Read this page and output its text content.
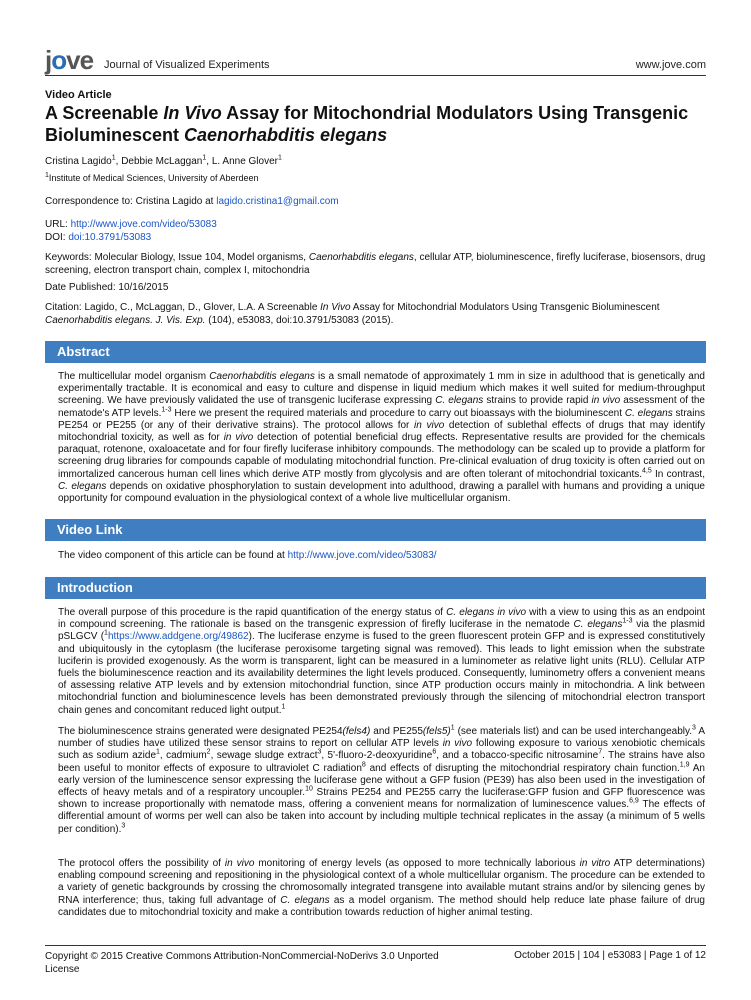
jove Journal of Visualized Experiments	www.jove.com
Video Article
A Screenable In Vivo Assay for Mitochondrial Modulators Using Transgenic Bioluminescent Caenorhabditis elegans
Cristina Lagido$^1$, Debbie McLaggan$^1$, L. Anne Glover$^1$
$^1$Institute of Medical Sciences, University of Aberdeen
Correspondence to: Cristina Lagido at lagido.cristina1@gmail.com
URL: http://www.jove.com/video/53083
DOI: doi:10.3791/53083
Keywords: Molecular Biology, Issue 104, Model organisms, Caenorhabditis elegans, cellular ATP, bioluminescence, firefly luciferase, biosensors, drug screening, electron transport chain, complex I, mitochondria
Date Published: 10/16/2015
Citation: Lagido, C., McLaggan, D., Glover, L.A. A Screenable In Vivo Assay for Mitochondrial Modulators Using Transgenic Bioluminescent Caenorhabditis elegans. J. Vis. Exp. (104), e53083, doi:10.3791/53083 (2015).
Abstract

The multicellular model organism Caenorhabditis elegans is a small nematode of approximately 1 mm in size in adulthood that is genetically and experimentally tractable. It is economical and easy to culture and dispense in liquid medium which makes it well suited for medium-throughput screening. We have previously validated the use of transgenic luciferase expressing C. elegans strains to provide rapid in vivo assessment of the nematode's ATP levels.$^{1-3}$ Here we present the required materials and procedure to carry out bioassays with the bioluminescent C. elegans strains PE254 or PE255 (or any of their derivative strains). The protocol allows for in vivo detection of sublethal effects of drugs that may identify mitochondrial toxicity, as well as for in vivo detection of potential beneficial drug effects. Representative results are provided for the chemicals paraquat, rotenone, oxaloacetate and for four firefly luciferase inhibitory compounds. The methodology can be scaled up to provide a platform for screening drug libraries for compounds capable of modulating mitochondrial function. Pre-clinical evaluation of drug toxicity is often carried out on immortalized cancerous human cell lines which derive ATP mostly from glycolysis and are often tolerant of mitochondrial toxicants.$^{4,5}$ In contrast, C. elegans depends on oxidative phosphorylation to sustain development into adulthood, drawing a parallel with humans and providing a unique opportunity for compound evaluation in the physiological context of a whole live multicellular organism.

Video Link
The video component of this article can be found at http://www.jove.com/video/53083/
Introduction

The overall purpose of this procedure is the rapid quantification of the energy status of C. elegans in vivo with a view to using this as an endpoint in compound screening. The rationale is based on the transgenic expression of firefly luciferase in the nematode C. elegans$^{1-3}$ via the plasmid pSLGCV ($^1$https://www.addgene.org/49862). The luciferase enzyme is fused to the green fluorescent protein GFP and is expressed constitutively and ubiquitously in the cytoplasm (the luciferase peroxisome targeting signal was removed). This leads to light emission when the substrate luciferin is provided exogenously. As the worm is transparent, light can be measured in a luminometer as relative light units (RLU). Cellular ATP fuels the bioluminescence reaction and its availability determines the light levels produced. Consequently, luminometry offers a convenient means of assessing relative ATP levels and by extension mitochondrial function, since ATP production occurs mainly in mitochondria. A link between mitochondrial function and bioluminescence levels has been demonstrated previously through the silencing of mitochondrial electron transport chain genes and concomitant reduced light output.$^1$

The bioluminescence strains generated were designated PE254(fels4) and PE255(fels5)$^1$ (see materials list) and can be used interchangeably.$^3$ A number of studies have utilized these sensor strains to report on cellular ATP levels in vivo following exposure to various xenobiotic chemicals such as sodium azide$^1$, cadmium$^2$, sewage sludge extract$^3$, 5'-fluoro-2-deoxyuridine$^6$, and a tobacco-specific nitrosamine$^7$. The strains have also been useful to monitor effects of exposure to ultraviolet C radiation$^8$ and effects of disrupting the mitochondrial respiratory chain function.$^{1,9}$ An early version of the luminescence sensor expressing the luciferase gene without a GFP fusion (PE39) has also been used in the investigation of effects of heavy metals and of a respiratory uncoupler.$^{10}$ Strains PE254 and PE255 carry the luciferase:GFP fusion and GFP fluorescence was shown to increase proportionally with nematode mass, offering a convenient means for normalization of luminescence values.$^{6,9}$ The effects of differential amount of worms per well can also be taken into account by including multiple technical replicates in the assay (a minimum of 5 wells per condition).$^3$

The protocol offers the possibility of in vivo monitoring of energy levels (as opposed to more technically laborious in vitro ATP determinations) enabling compound screening and repositioning in the physiological context of a whole multicellular organism. The procedure can be extended to a variety of genetic backgrounds by crossing the chromosomally integrated transgene into available mutant strains and/or by silencing genes by RNA interference; thus, taking full advantage of C. elegans as a model organism. The method should help reduce late phase failure of drug candidates due to mitochondrial toxicity and make a contribution towards reduction of higher animal testing.

Copyright © 2015 Creative Commons Attribution-NonCommercial-NoDerivs 3.0 Unported License
October 2015 | 104 | e53083 | Page 1 of 12
